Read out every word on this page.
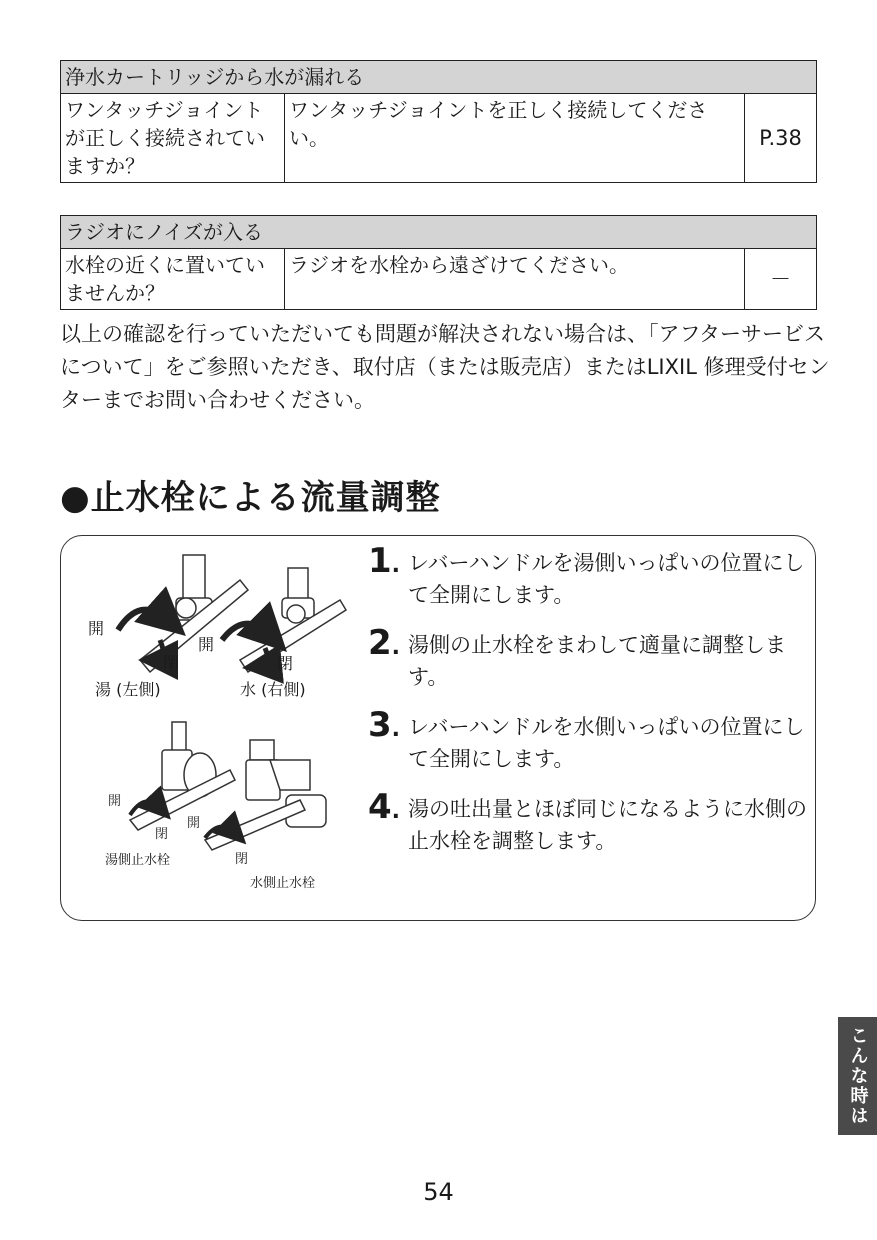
浄水カートリッジから水が漏れる
ワンタッチジョイントが正しく接続されていますか？	ワンタッチジョイントを正しく接続してください。	P.38
ラジオにノイズが入る
水栓の近くに置いていませんか？	ラジオを水栓から遠ざけてください。	－

以上の確認を行っていただいても問題が解決されない場合は、「アフターサービスについて」をご参照いただき、取付店（または販売店）またはLIXIL 修理受付センターまでお問い合わせください。

●止水栓による流量調整
開
閉
開
閉
湯 (左側)	水 (右側)
開
閉
開
閉
湯側止水栓
水側止水栓
1 . レバーハンドルを湯側いっぱいの位置にして全開にします。
2 . 湯側の止水栓をまわして適量に調整します。
3 . レバーハンドルを水側いっぱいの位置にして全開にします。
4 . 湯の吐出量とほぼ同じになるように水側の止水栓を調整します。
こんな時は
54
